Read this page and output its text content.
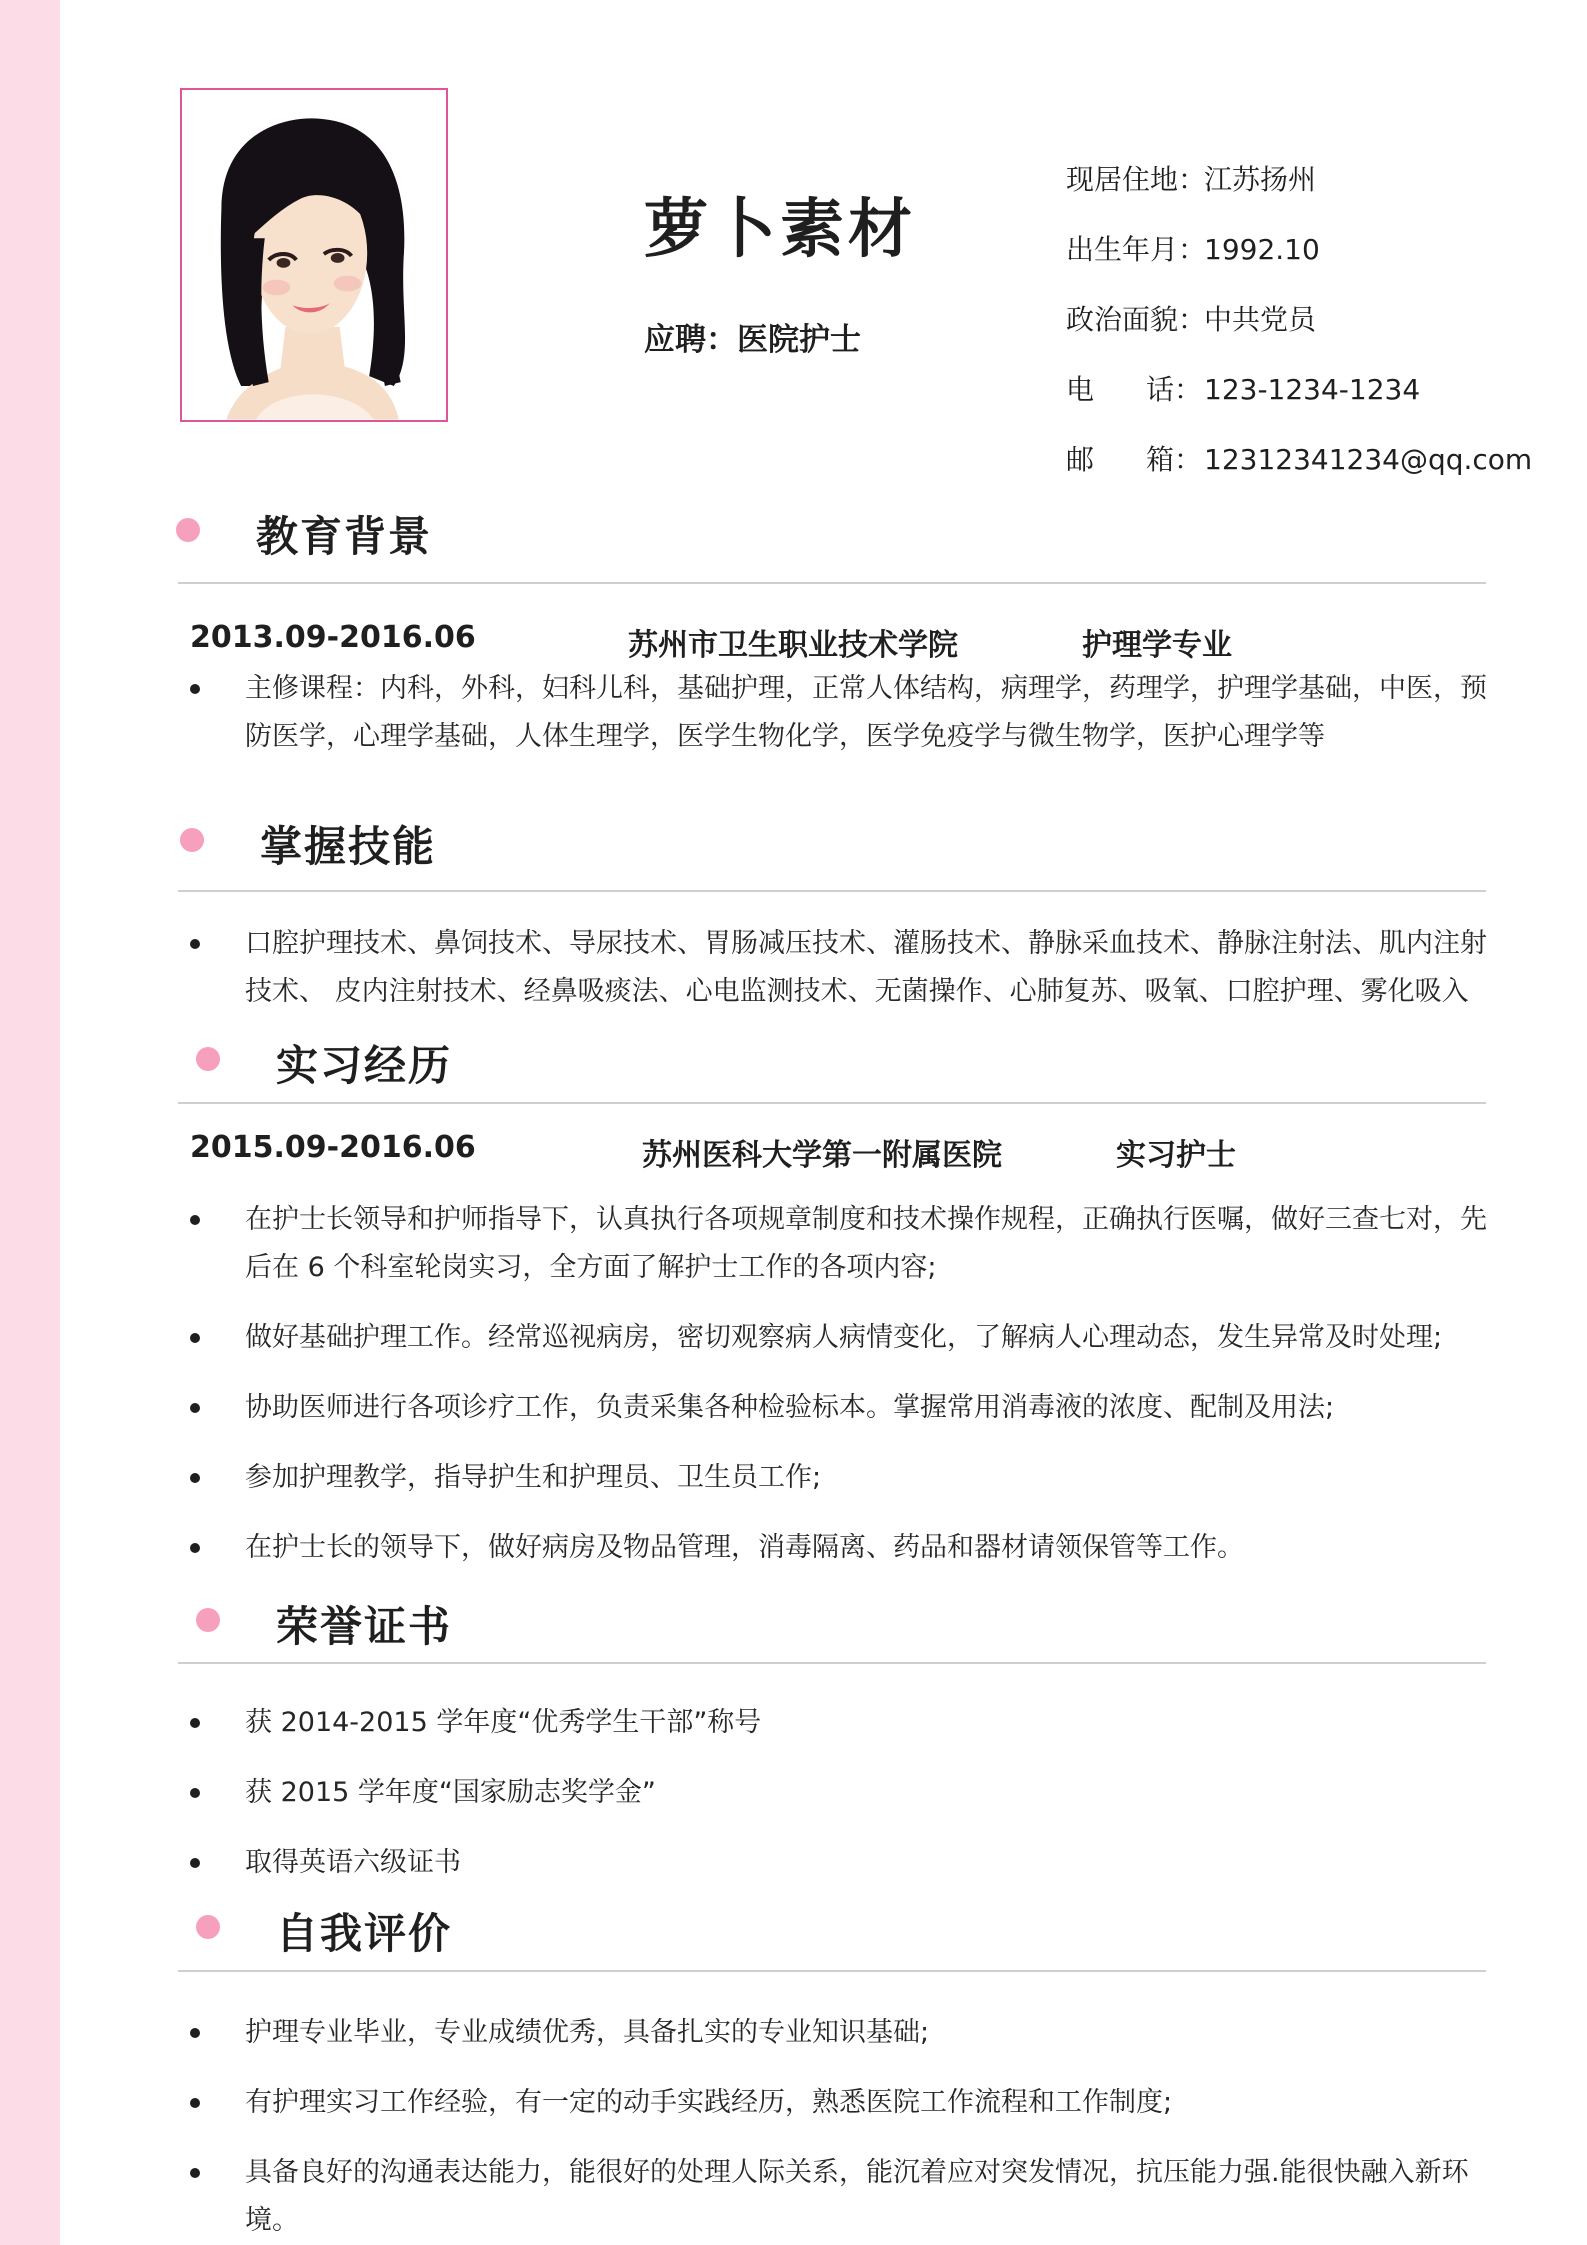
萝卜素材
应聘：医院护士
现居住地：江苏扬州
出生年月：1992.10
政治面貌：中共党员
电 话：123-1234-1234
邮 箱：12312341234@qq.com
教育背景
2013.09-2016.06	苏州市卫生职业技术学院	护理学专业
主修课程：内科，外科，妇科儿科，基础护理，正常人体结构，病理学，药理学，护理学基础，中医，预防医学，心理学基础，人体生理学，医学生物化学，医学免疫学与微生物学，医护心理学等
掌握技能
口腔护理技术、鼻饲技术、导尿技术、胃肠减压技术、灌肠技术、静脉采血技术、静脉注射法、肌内注射技术、 皮内注射技术、经鼻吸痰法、心电监测技术、无菌操作、心肺复苏、吸氧、口腔护理、雾化吸入
实习经历
2015.09-2016.06	苏州医科大学第一附属医院	实习护士
在护士长领导和护师指导下，认真执行各项规章制度和技术操作规程，正确执行医嘱，做好三查七对，先后在 6 个科室轮岗实习，全方面了解护士工作的各项内容;
做好基础护理工作。经常巡视病房，密切观察病人病情变化，了解病人心理动态，发生异常及时处理;
协助医师进行各项诊疗工作，负责采集各种检验标本。掌握常用消毒液的浓度、配制及用法;
参加护理教学，指导护生和护理员、卫生员工作;
在护士长的领导下，做好病房及物品管理，消毒隔离、药品和器材请领保管等工作。
荣誉证书
获 2014-2015 学年度“优秀学生干部”称号
获 2015 学年度“国家励志奖学金”
取得英语六级证书
自我评价
护理专业毕业，专业成绩优秀，具备扎实的专业知识基础;
有护理实习工作经验，有一定的动手实践经历，熟悉医院工作流程和工作制度;
具备良好的沟通表达能力，能很好的处理人际关系，能沉着应对突发情况，抗压能力强.能很快融入新环境。
